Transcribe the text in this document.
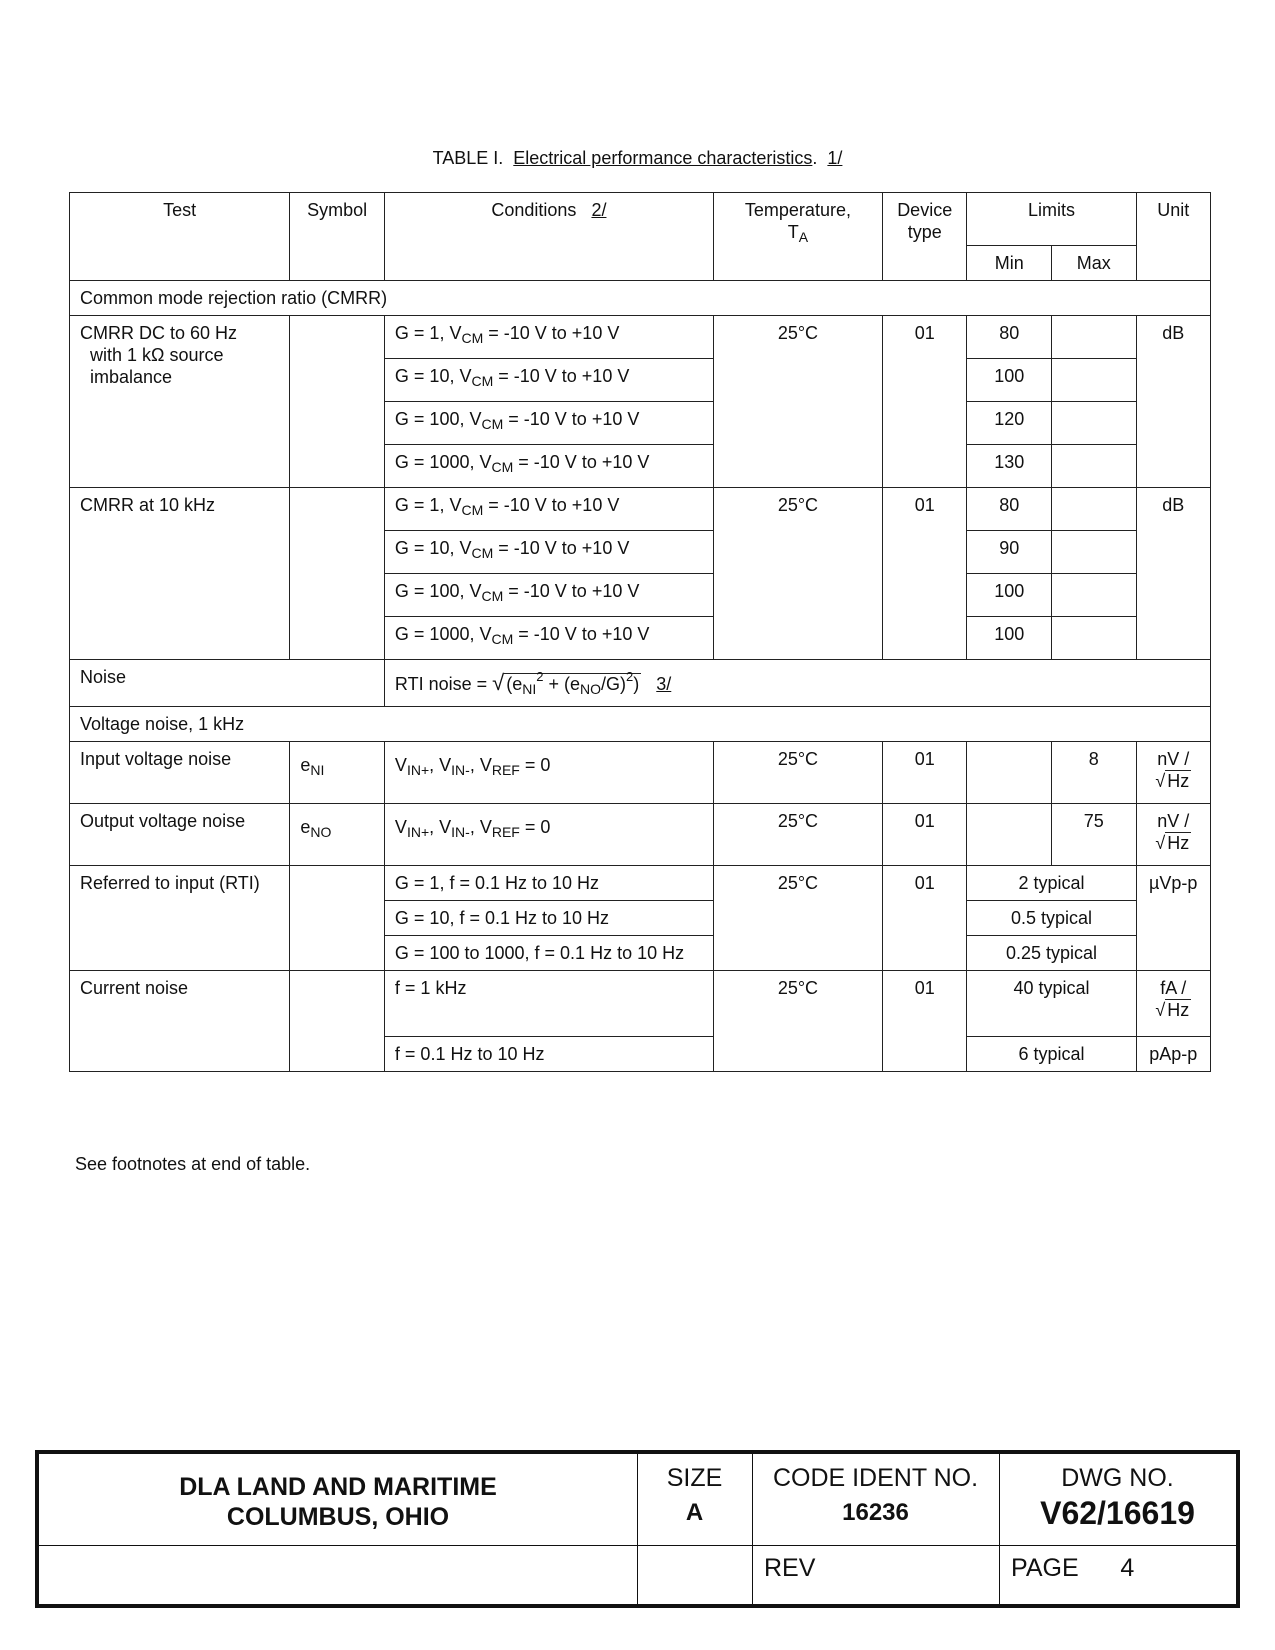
TABLE I. Electrical performance characteristics.  1/
Test	Symbol	Conditions 2/	Temperature,
$T_A$	Device type	Limits		Unit
					Min	Max	
Common mode rejection ratio (CMRR)							
CMRR DC to 60 Hz
with 1 kΩ source
imbalance		G = 1, $V_{CM} = -10$ V to +10 V	25°C	01	80		dB
		G = 10, $V_{CM} = -10$ V to +10 V			100		
		G = 100, $V_{CM} = -10$ V to +10 V			120		
		G = 1000, $V_{CM} = -10$ V to +10 V			130		
CMRR at 10 kHz		G = 1, $V_{CM} = -10$ V to +10 V	25°C	01	80		dB
		G = 10, $V_{CM} = -10$ V to +10 V			90		
		G = 100, $V_{CM} = -10$ V to +10 V			100		
		G = 1000, $V_{CM} = -10$ V to +10 V			100		
Noise		RTI noise = √ $(e_{NI}^2 + (e_{NO}/G)^2)$ 3/					
Voltage noise, 1 kHz							
Input voltage noise	$e_{NI}$	$V_{IN+}$, $V_{IN-}$, $V_{REF} = 0$	25°C	01		8	nV /
√ Hz
Output voltage noise	$e_{NO}$	$V_{IN+}$, $V_{IN-}$, $V_{REF} = 0$	25°C	01		75	nV /
√ Hz
Referred to input (RTI)		G = 1, f = 0.1 Hz to 10 Hz	25°C	01	2 typical		µVp-p
		G = 10, f = 0.1 Hz to 10 Hz			0.5 typical		
		G = 100 to 1000, f = 0.1 Hz to 10 Hz			0.25 typical		
Current noise		f = 1 kHz	25°C	01	40 typical		fA /
√ Hz
		f = 0.1 Hz to 10 Hz			6 typical		pAp-p
See footnotes at end of table.
DLA LAND AND MARITIME
COLUMBUS, OHIO
SIZE
A
CODE IDENT NO.
16236
DWG NO.
V62/16619
REV	PAGE 4
